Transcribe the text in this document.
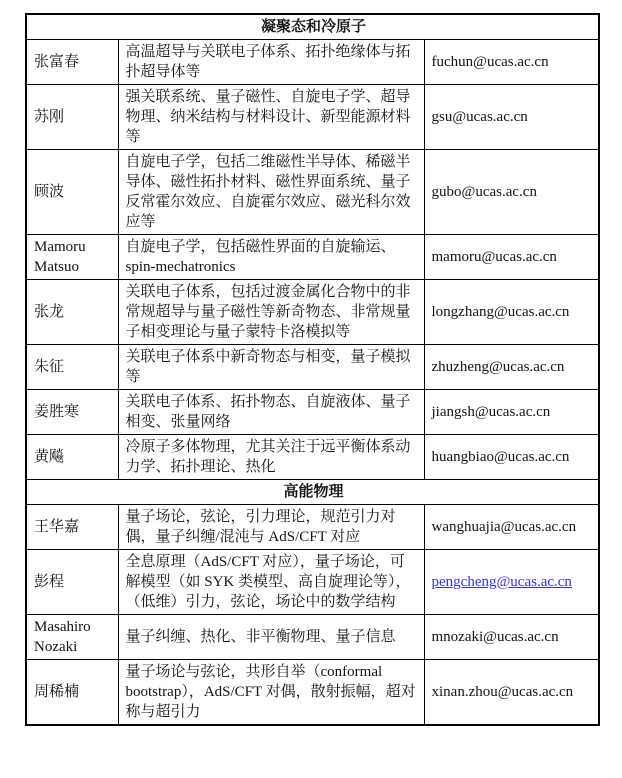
凝聚态和冷原子		
张富春	高温超导与关联电子体系、拓扑绝缘体与拓扑超导体等	fuchun@ucas.ac.cn
苏刚	强关联系统、量子磁性、自旋电子学、超导物理、纳米结构与材料设计、新型能源材料等	gsu@ucas.ac.cn
顾波	自旋电子学，包括二维磁性半导体、稀磁半导体、磁性拓扑材料、磁性界面系统、量子反常霍尔效应、自旋霍尔效应、磁光科尔效应等	gubo@ucas.ac.cn
Mamoru Matsuo	自旋电子学，包括磁性界面的自旋输运、spin-mechatronics	mamoru@ucas.ac.cn
张龙	关联电子体系，包括过渡金属化合物中的非常规超导与量子磁性等新奇物态、非常规量子相变理论与量子蒙特卡洛模拟等	longzhang@ucas.ac.cn
朱征	关联电子体系中新奇物态与相变，量子模拟等	zhuzheng@ucas.ac.cn
姜胜寒	关联电子体系、拓扑物态、自旋液体、量子相变、张量网络	jiangsh@ucas.ac.cn
黄飚	冷原子多体物理，尤其关注于远平衡体系动力学、拓扑理论、热化	huangbiao@ucas.ac.cn
高能物理		
王华嘉	量子场论，弦论，引力理论，规范引力对偶，量子纠缠/混沌与 AdS/CFT 对应	wanghuajia@ucas.ac.cn
彭程	全息原理（AdS/CFT 对应），量子场论，可解模型（如 SYK 类模型、高自旋理论等），（低维）引力，弦论，场论中的数学结构	pengcheng@ucas.ac.cn
Masahiro Nozaki	量子纠缠、热化、非平衡物理、量子信息	mnozaki@ucas.ac.cn
周稀楠	量子场论与弦论，共形自举（conformal bootstrap），AdS/CFT 对偶，散射振幅，超对称与超引力	xinan.zhou@ucas.ac.cn
